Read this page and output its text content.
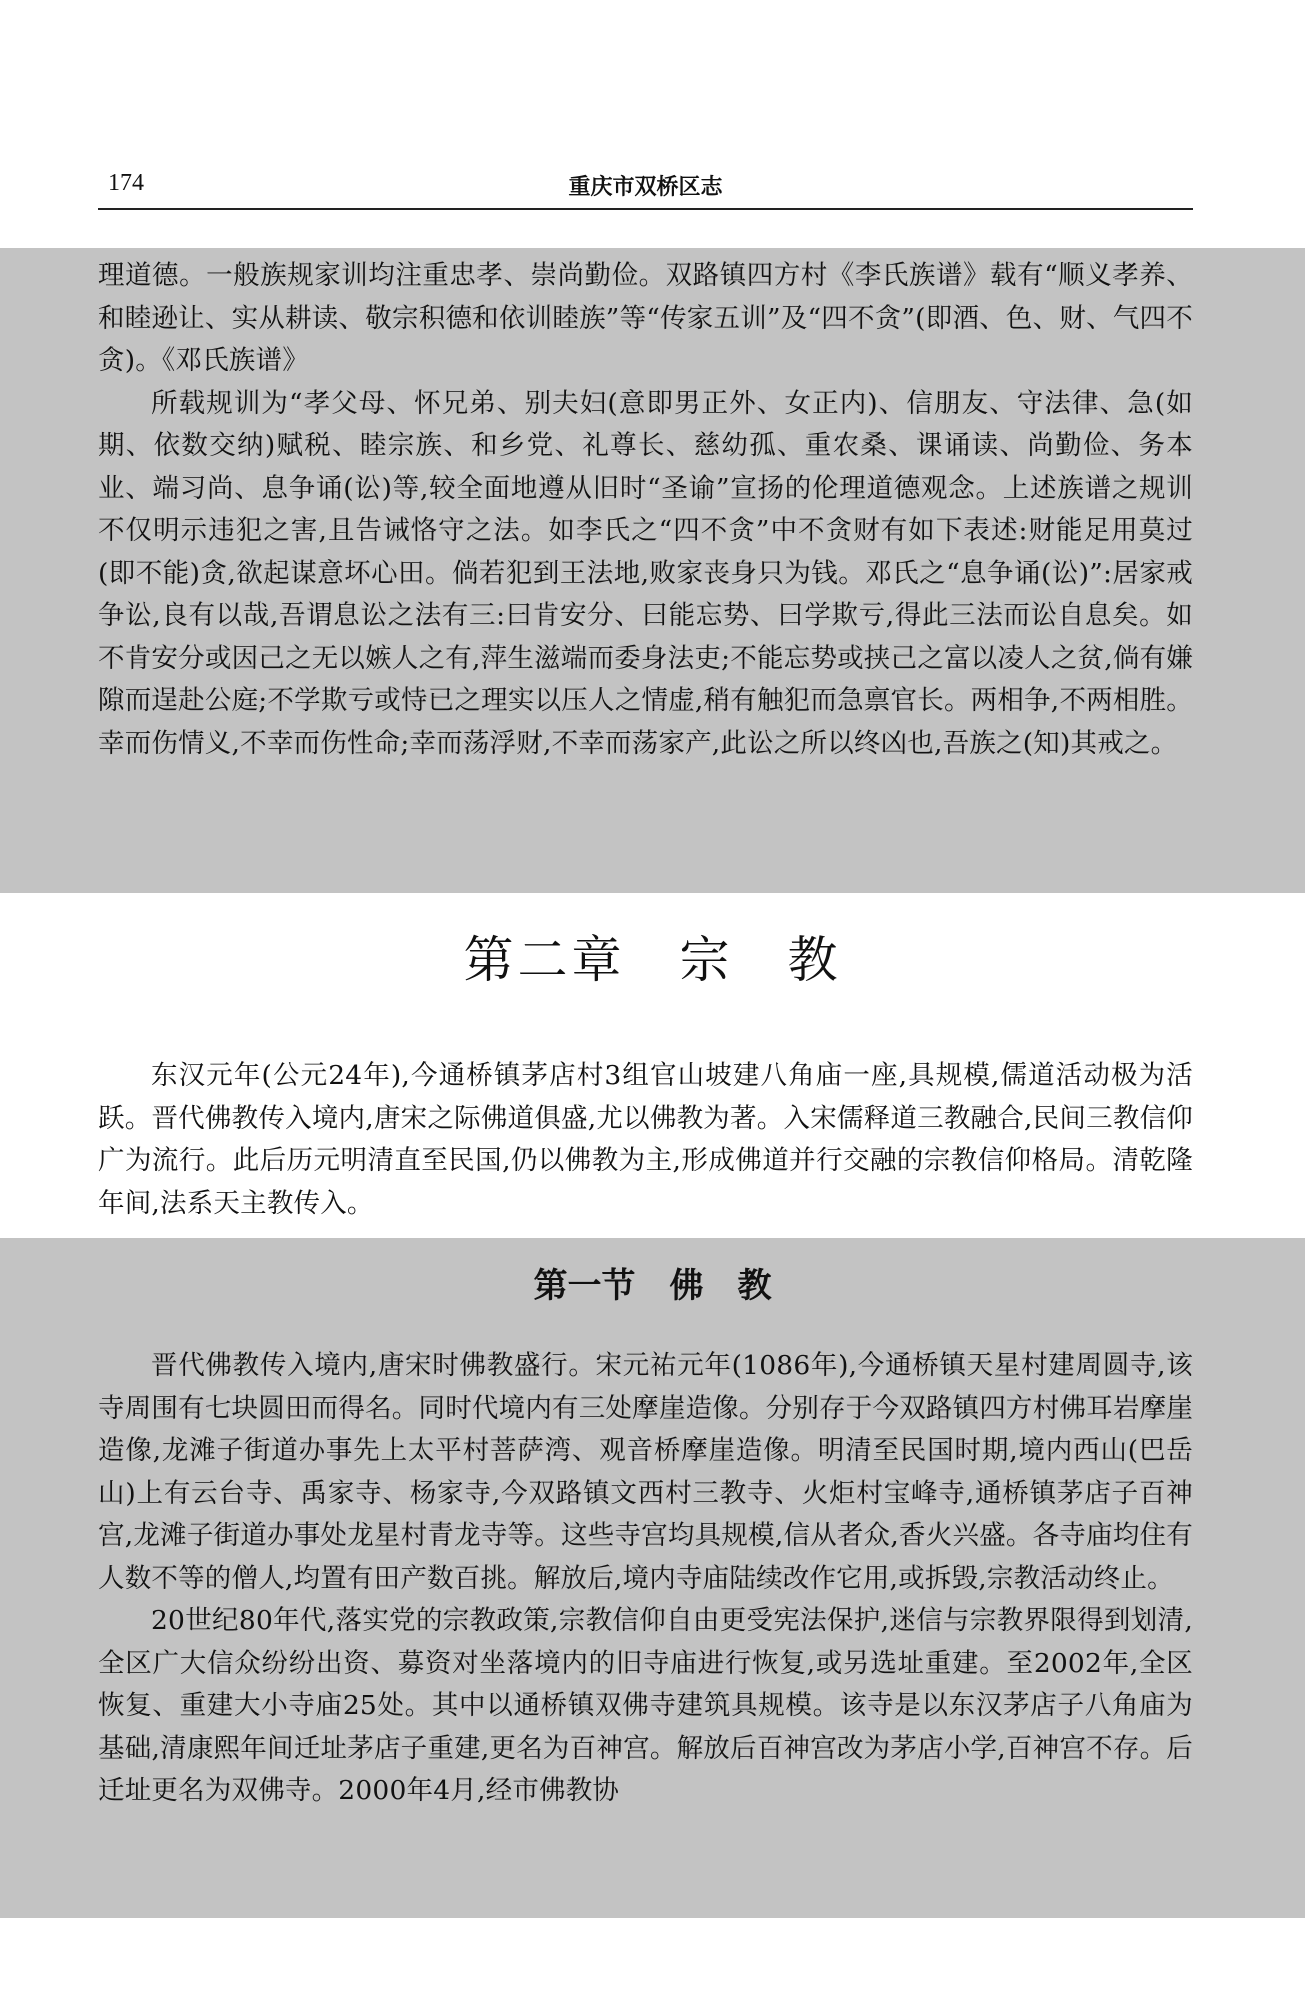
174	重庆市双桥区志

理道德。一般族规家训均注重忠孝、崇尚勤俭。双路镇四方村《李氏族谱》载有“顺义孝养、和睦逊让、实从耕读、敬宗积德和依训睦族”等“传家五训”及“四不贪”(即酒、色、财、气四不贪)。《邓氏族谱》

所载规训为“孝父母、怀兄弟、别夫妇(意即男正外、女正内)、信朋友、守法律、急(如期、依数交纳)赋税、睦宗族、和乡党、礼尊长、慈幼孤、重农桑、课诵读、尚勤俭、务本业、端习尚、息争诵(讼)等,较全面地遵从旧时“圣谕”宣扬的伦理道德观念。上述族谱之规训不仅明示违犯之害,且告诫恪守之法。如李氏之“四不贪”中不贪财有如下表述:财能足用莫过(即不能)贪,欲起谋意坏心田。倘若犯到王法地,败家丧身只为钱。邓氏之“息争诵(讼)”:居家戒争讼,良有以哉,吾谓息讼之法有三:曰肯安分、曰能忘势、曰学欺亏,得此三法而讼自息矣。如不肯安分或因己之无以嫉人之有,萍生滋端而委身法吏;不能忘势或挟己之富以凌人之贫,倘有嫌隙而逞赴公庭;不学欺亏或恃已之理实以压人之情虚,稍有触犯而急禀官长。两相争,不两相胜。幸而伤情义,不幸而伤性命;幸而荡浮财,不幸而荡家产,此讼之所以终凶也,吾族之(知)其戒之。

第二章　宗　教

东汉元年(公元24年),今通桥镇茅店村3组官山坡建八角庙一座,具规模,儒道活动极为活跃。晋代佛教传入境内,唐宋之际佛道俱盛,尤以佛教为著。入宋儒释道三教融合,民间三教信仰广为流行。此后历元明清直至民国,仍以佛教为主,形成佛道并行交融的宗教信仰格局。清乾隆年间,法系天主教传入。

第一节　佛　教

晋代佛教传入境内,唐宋时佛教盛行。宋元祐元年(1086年),今通桥镇天星村建周圆寺,该寺周围有七块圆田而得名。同时代境内有三处摩崖造像。分别存于今双路镇四方村佛耳岩摩崖造像,龙滩子街道办事先上太平村菩萨湾、观音桥摩崖造像。明清至民国时期,境内西山(巴岳山)上有云台寺、禹家寺、杨家寺,今双路镇文西村三教寺、火炬村宝峰寺,通桥镇茅店子百神宫,龙滩子街道办事处龙星村青龙寺等。这些寺宫均具规模,信从者众,香火兴盛。各寺庙均住有人数不等的僧人,均置有田产数百挑。解放后,境内寺庙陆续改作它用,或拆毁,宗教活动终止。

20世纪80年代,落实党的宗教政策,宗教信仰自由更受宪法保护,迷信与宗教界限得到划清,全区广大信众纷纷出资、募资对坐落境内的旧寺庙进行恢复,或另选址重建。至2002年,全区恢复、重建大小寺庙25处。其中以通桥镇双佛寺建筑具规模。该寺是以东汉茅店子八角庙为基础,清康熙年间迁址茅店子重建,更名为百神宫。解放后百神宫改为茅店小学,百神宫不存。后迁址更名为双佛寺。2000年4月,经市佛教协
